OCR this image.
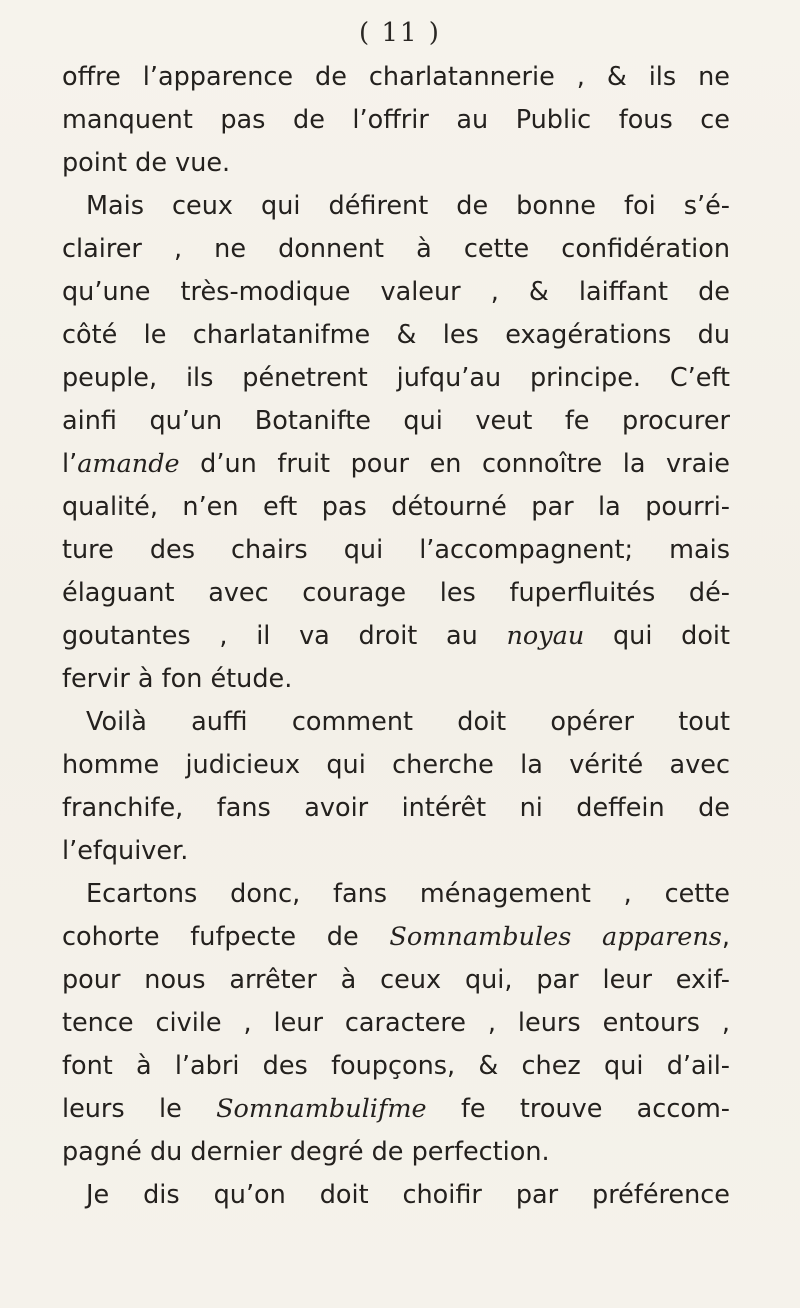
( 11 )
offre l’apparence de charlatannerie , & ils ne
manquent pas de l’offrir au Public fous ce
point de vue.
Mais ceux qui défirent de bonne foi s’é-
clairer , ne donnent à cette confidération
qu’une très-modique valeur , & laiffant de
côté le charlatanifme & les exagérations du
peuple, ils pénetrent jufqu’au principe. C’eft
ainfi qu’un Botanifte qui veut fe procurer
l’amande d’un fruit pour en connoître la vraie
qualité, n’en eft pas détourné par la pourri-
ture des chairs qui l’accompagnent; mais
élaguant avec courage les fuperfluités dé-
goutantes , il va droit au noyau qui doit
fervir à fon étude.
Voilà auffi comment doit opérer tout
homme judicieux qui cherche la vérité avec
franchife, fans avoir intérêt ni deffein de
l’efquiver.
Ecartons donc, fans ménagement , cette
cohorte fufpecte de Somnambules apparens,
pour nous arrêter à ceux qui, par leur exif-
tence civile , leur caractere , leurs entours ,
font à l’abri des foupçons, & chez qui d’ail-
leurs le Somnambulifme fe trouve accom-
pagné du dernier degré de perfection.
Je dis qu’on doit choifir par préférence
